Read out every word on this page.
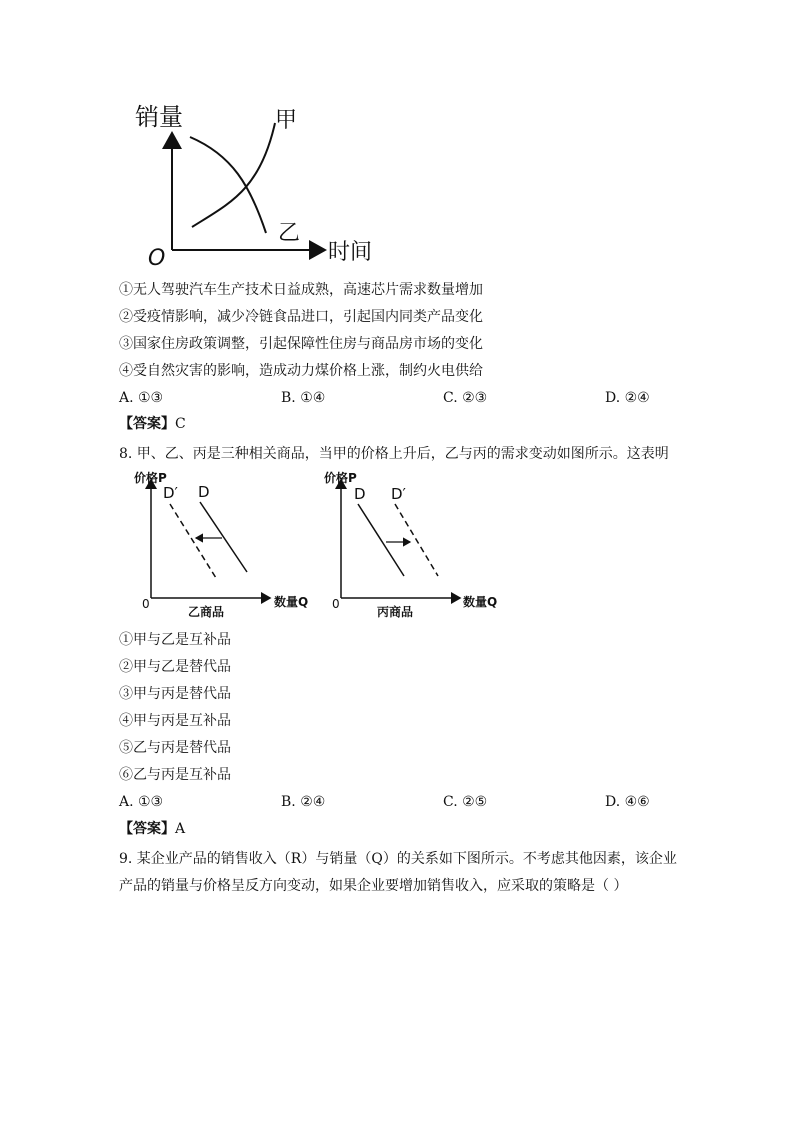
销量
时间
O
甲
乙
①无人驾驶汽车生产技术日益成熟，高速芯片需求数量增加
②受疫情影响，减少冷链食品进口，引起国内同类产品变化
③国家住房政策调整，引起保障性住房与商品房市场的变化
④受自然灾害的影响，造成动力煤价格上涨，制约火电供给
A. ①③	B. ①④	C. ②③	D. ②④
【答案】C
8. 甲、乙、丙是三种相关商品，当甲的价格上升后，乙与丙的需求变动如图所示。这表明
价格P
数量Q
0
乙商品
D′ D
价格P
数量Q
0
丙商品
D D′
①甲与乙是互补品
②甲与乙是替代品
③甲与丙是替代品
④甲与丙是互补品
⑤乙与丙是替代品
⑥乙与丙是互补品
A. ①③	B. ②④	C. ②⑤	D. ④⑥
【答案】A
9. 某企业产品的销售收入（R）与销量（Q）的关系如下图所示。不考虑其他因素，该企业
产品的销量与价格呈反方向变动，如果企业要增加销售收入，应采取的策略是（ ）
